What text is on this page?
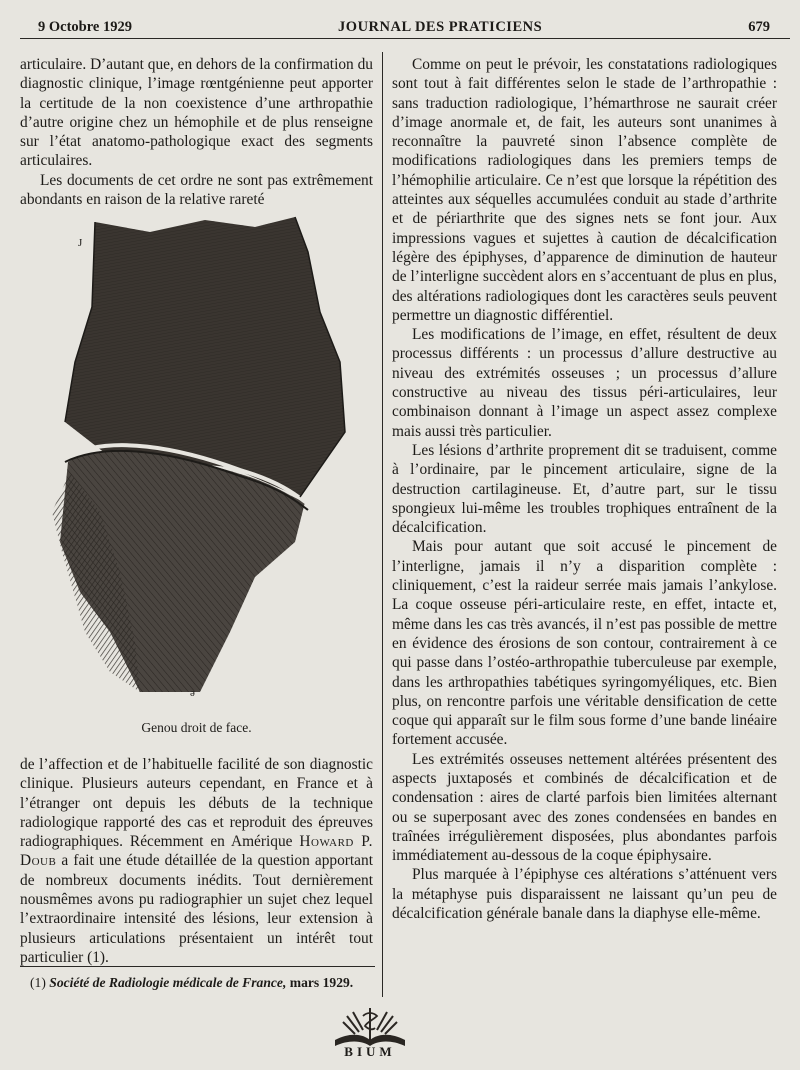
9 Octobre 1929	JOURNAL DES PRATICIENS	679

articulaire. D’autant que, en dehors de la confirmation du diagnostic clinique, l’image rœntgénienne peut apporter la certitude de la non coexistence d’une arthropathie d’autre origine chez un hémophile et de plus renseigne sur l’état anatomo-pathologique exact des segments articulaires.

Les documents de cet ordre ne sont pas extrêmement abondants en raison de la relative rareté

J
ə
Genou droit de face.

de l’affection et de l’habituelle facilité de son diagnostic clinique. Plusieurs auteurs cependant, en France et à l’étranger ont depuis les débuts de la technique radiologique rapporté des cas et reproduit des épreuves radiographiques. Récemment en Amérique Howard P. Doub a fait une étude détaillée de la question apportant de nombreux documents inédits. Tout dernièrement nousmêmes avons pu radiographier un sujet chez lequel l’extraordinaire intensité des lésions, leur extension à plusieurs articulations présentaient un intérêt tout particulier (1).

(1) Société de Radiologie médicale de France, mars 1929.

Comme on peut le prévoir, les constatations radiologiques sont tout à fait différentes selon le stade de l’arthropathie : sans traduction radiologique, l’hémarthrose ne saurait créer d’image anormale et, de fait, les auteurs sont unanimes à reconnaître la pauvreté sinon l’absence complète de modifications radiologiques dans les premiers temps de l’hémophilie articulaire. Ce n’est que lorsque la répétition des atteintes aux séquelles accumulées conduit au stade d’arthrite et de périarthrite que des signes nets se font jour. Aux impressions vagues et sujettes à caution de décalcification légère des épiphyses, d’apparence de diminution de hauteur de l’interligne succèdent alors en s’accentuant de plus en plus, des altérations radiologiques dont les caractères seuls peuvent permettre un diagnostic différentiel.

Les modifications de l’image, en effet, résultent de deux processus différents : un processus d’allure destructive au niveau des extrémités osseuses ; un processus d’allure constructive au niveau des tissus péri-articulaires, leur combinaison donnant à l’image un aspect assez complexe mais aussi très particulier.

Les lésions d’arthrite proprement dit se traduisent, comme à l’ordinaire, par le pincement articulaire, signe de la destruction cartilagineuse. Et, d’autre part, sur le tissu spongieux lui-même les troubles trophiques entraînent de la décalcification.

Mais pour autant que soit accusé le pincement de l’interligne, jamais il n’y a disparition complète : cliniquement, c’est la raideur serrée mais jamais l’ankylose. La coque osseuse péri-articulaire reste, en effet, intacte et, même dans les cas très avancés, il n’est pas possible de mettre en évidence des érosions de son contour, contrairement à ce qui passe dans l’ostéo-arthropathie tuberculeuse par exemple, dans les arthropathies tabétiques syringomyéliques, etc. Bien plus, on rencontre parfois une véritable densification de cette coque qui apparaît sur le film sous forme d’une bande linéaire fortement accusée.

Les extrémités osseuses nettement altérées présentent des aspects juxtaposés et combinés de décalcification et de condensation : aires de clarté parfois bien limitées alternant ou se superposant avec des zones condensées en bandes en traînées irrégulièrement disposées, plus abondantes parfois immédiatement au-dessous de la coque épiphysaire.

Plus marquée à l’épiphyse ces altérations s’atténuent vers la métaphyse puis disparaissent ne laissant qu’un peu de décalcification générale banale dans la diaphyse elle-même.

BIUM
